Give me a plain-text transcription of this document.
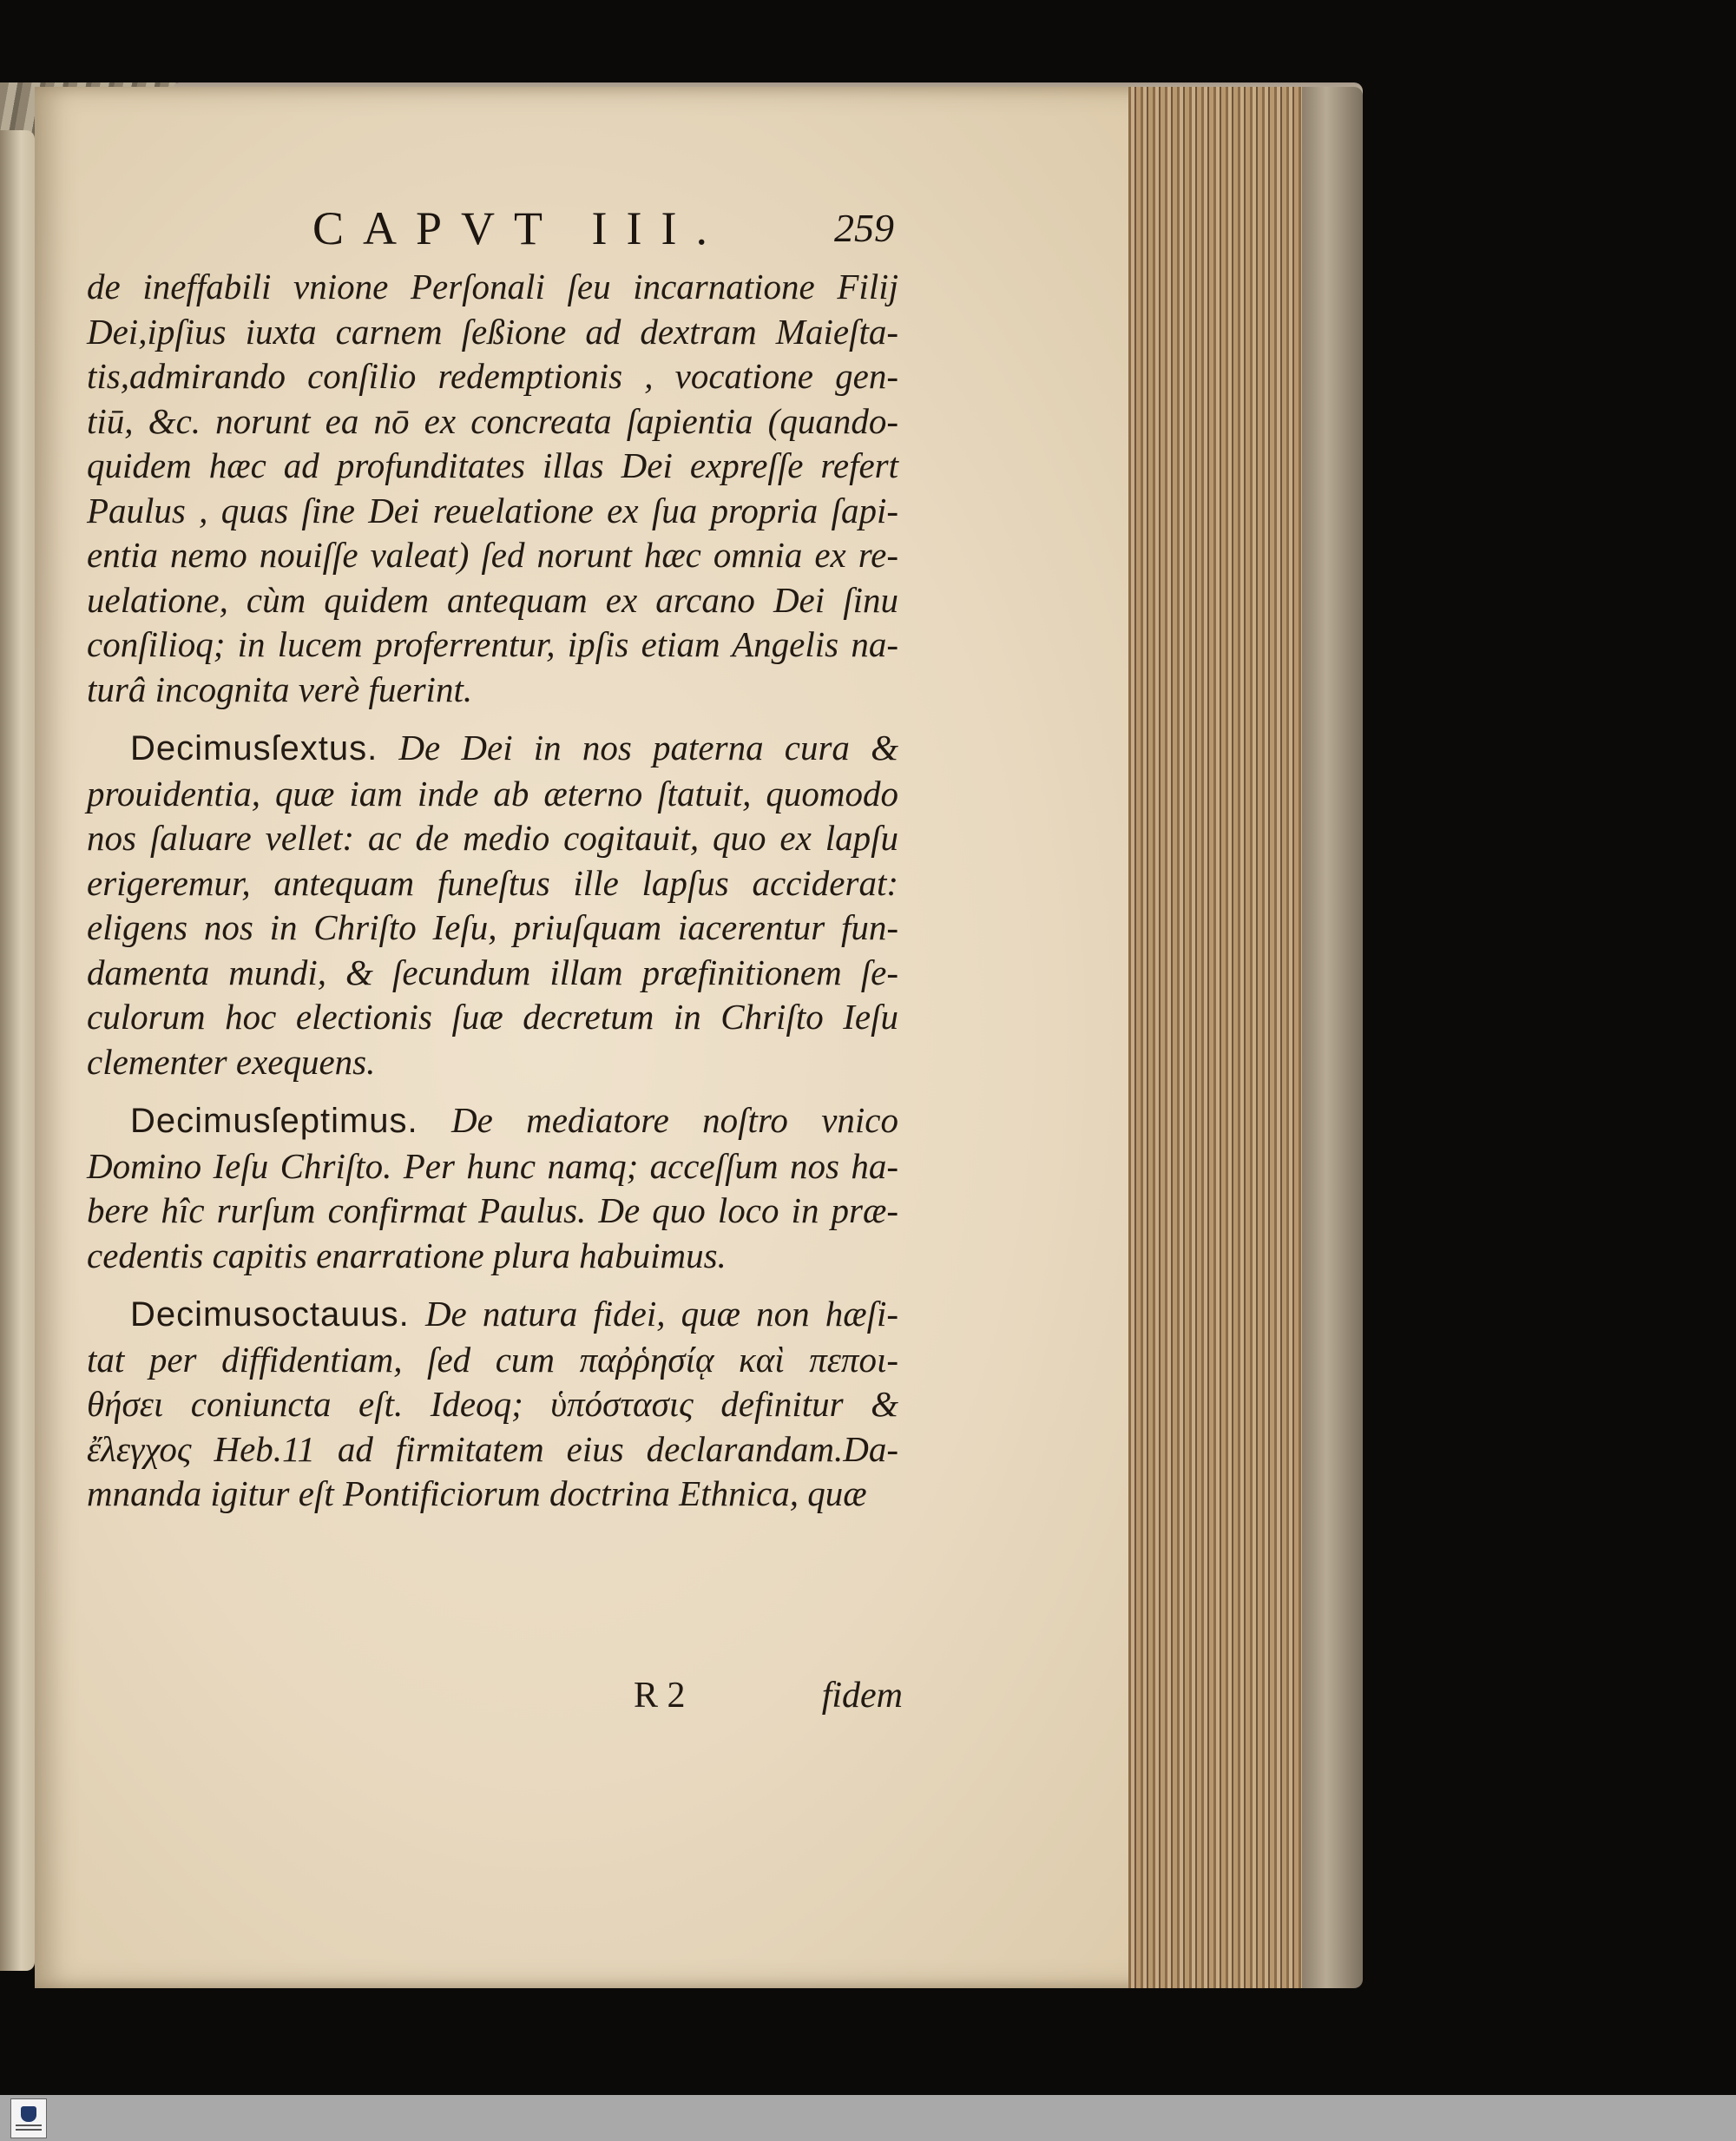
CAPVT III.	259
de ineffabili vnione Perſonali ſeu incarnatione Filij
Dei,ipſius iuxta carnem ſeßione ad dextram Maieſta-
tis,admirando conſilio redemptionis , vocatione gen-
tiū, &c. norunt ea nō ex concreata ſapientia (quando-
quidem hæc ad profunditates illas Dei expreſſe refert
Paulus , quas ſine Dei reuelatione ex ſua propria ſapi-
entia nemo nouiſſe valeat) ſed norunt hæc omnia ex re-
uelatione, cùm quidem antequam ex arcano Dei ſinu
conſilioq; in lucem proferrentur, ipſis etiam Angelis na-
turâ incognita verè fuerint.
Decimusſextus. De Dei in nos paterna cura &
prouidentia, quæ iam inde ab æterno ſtatuit, quomodo
nos ſaluare vellet: ac de medio cogitauit, quo ex lapſu
erigeremur, antequam funeſtus ille lapſus acciderat:
eligens nos in Chriſto Ieſu, priuſquam iacerentur fun-
damenta mundi, & ſecundum illam præfinitionem ſe-
culorum hoc electionis ſuæ decretum in Chriſto Ieſu
clementer exequens.
Decimusſeptimus. De mediatore noſtro vnico
Domino Ieſu Chriſto. Per hunc namq; acceſſum nos ha-
bere hîc rurſum confirmat Paulus. De quo loco in præ-
cedentis capitis enarratione plura habuimus.
Decimusoctauus. De natura fidei, quæ non hæſi-
tat per diffidentiam, ſed cum παῤῥησίᾳ καὶ πεποι-
θήσει coniuncta eſt. Ideoq; ὑπόστασις definitur &
ἔλεγχος Heb.11 ad firmitatem eius declarandam.Da-
mnanda igitur eſt Pontificiorum doctrina Ethnica, quæ
R 2	fidem
